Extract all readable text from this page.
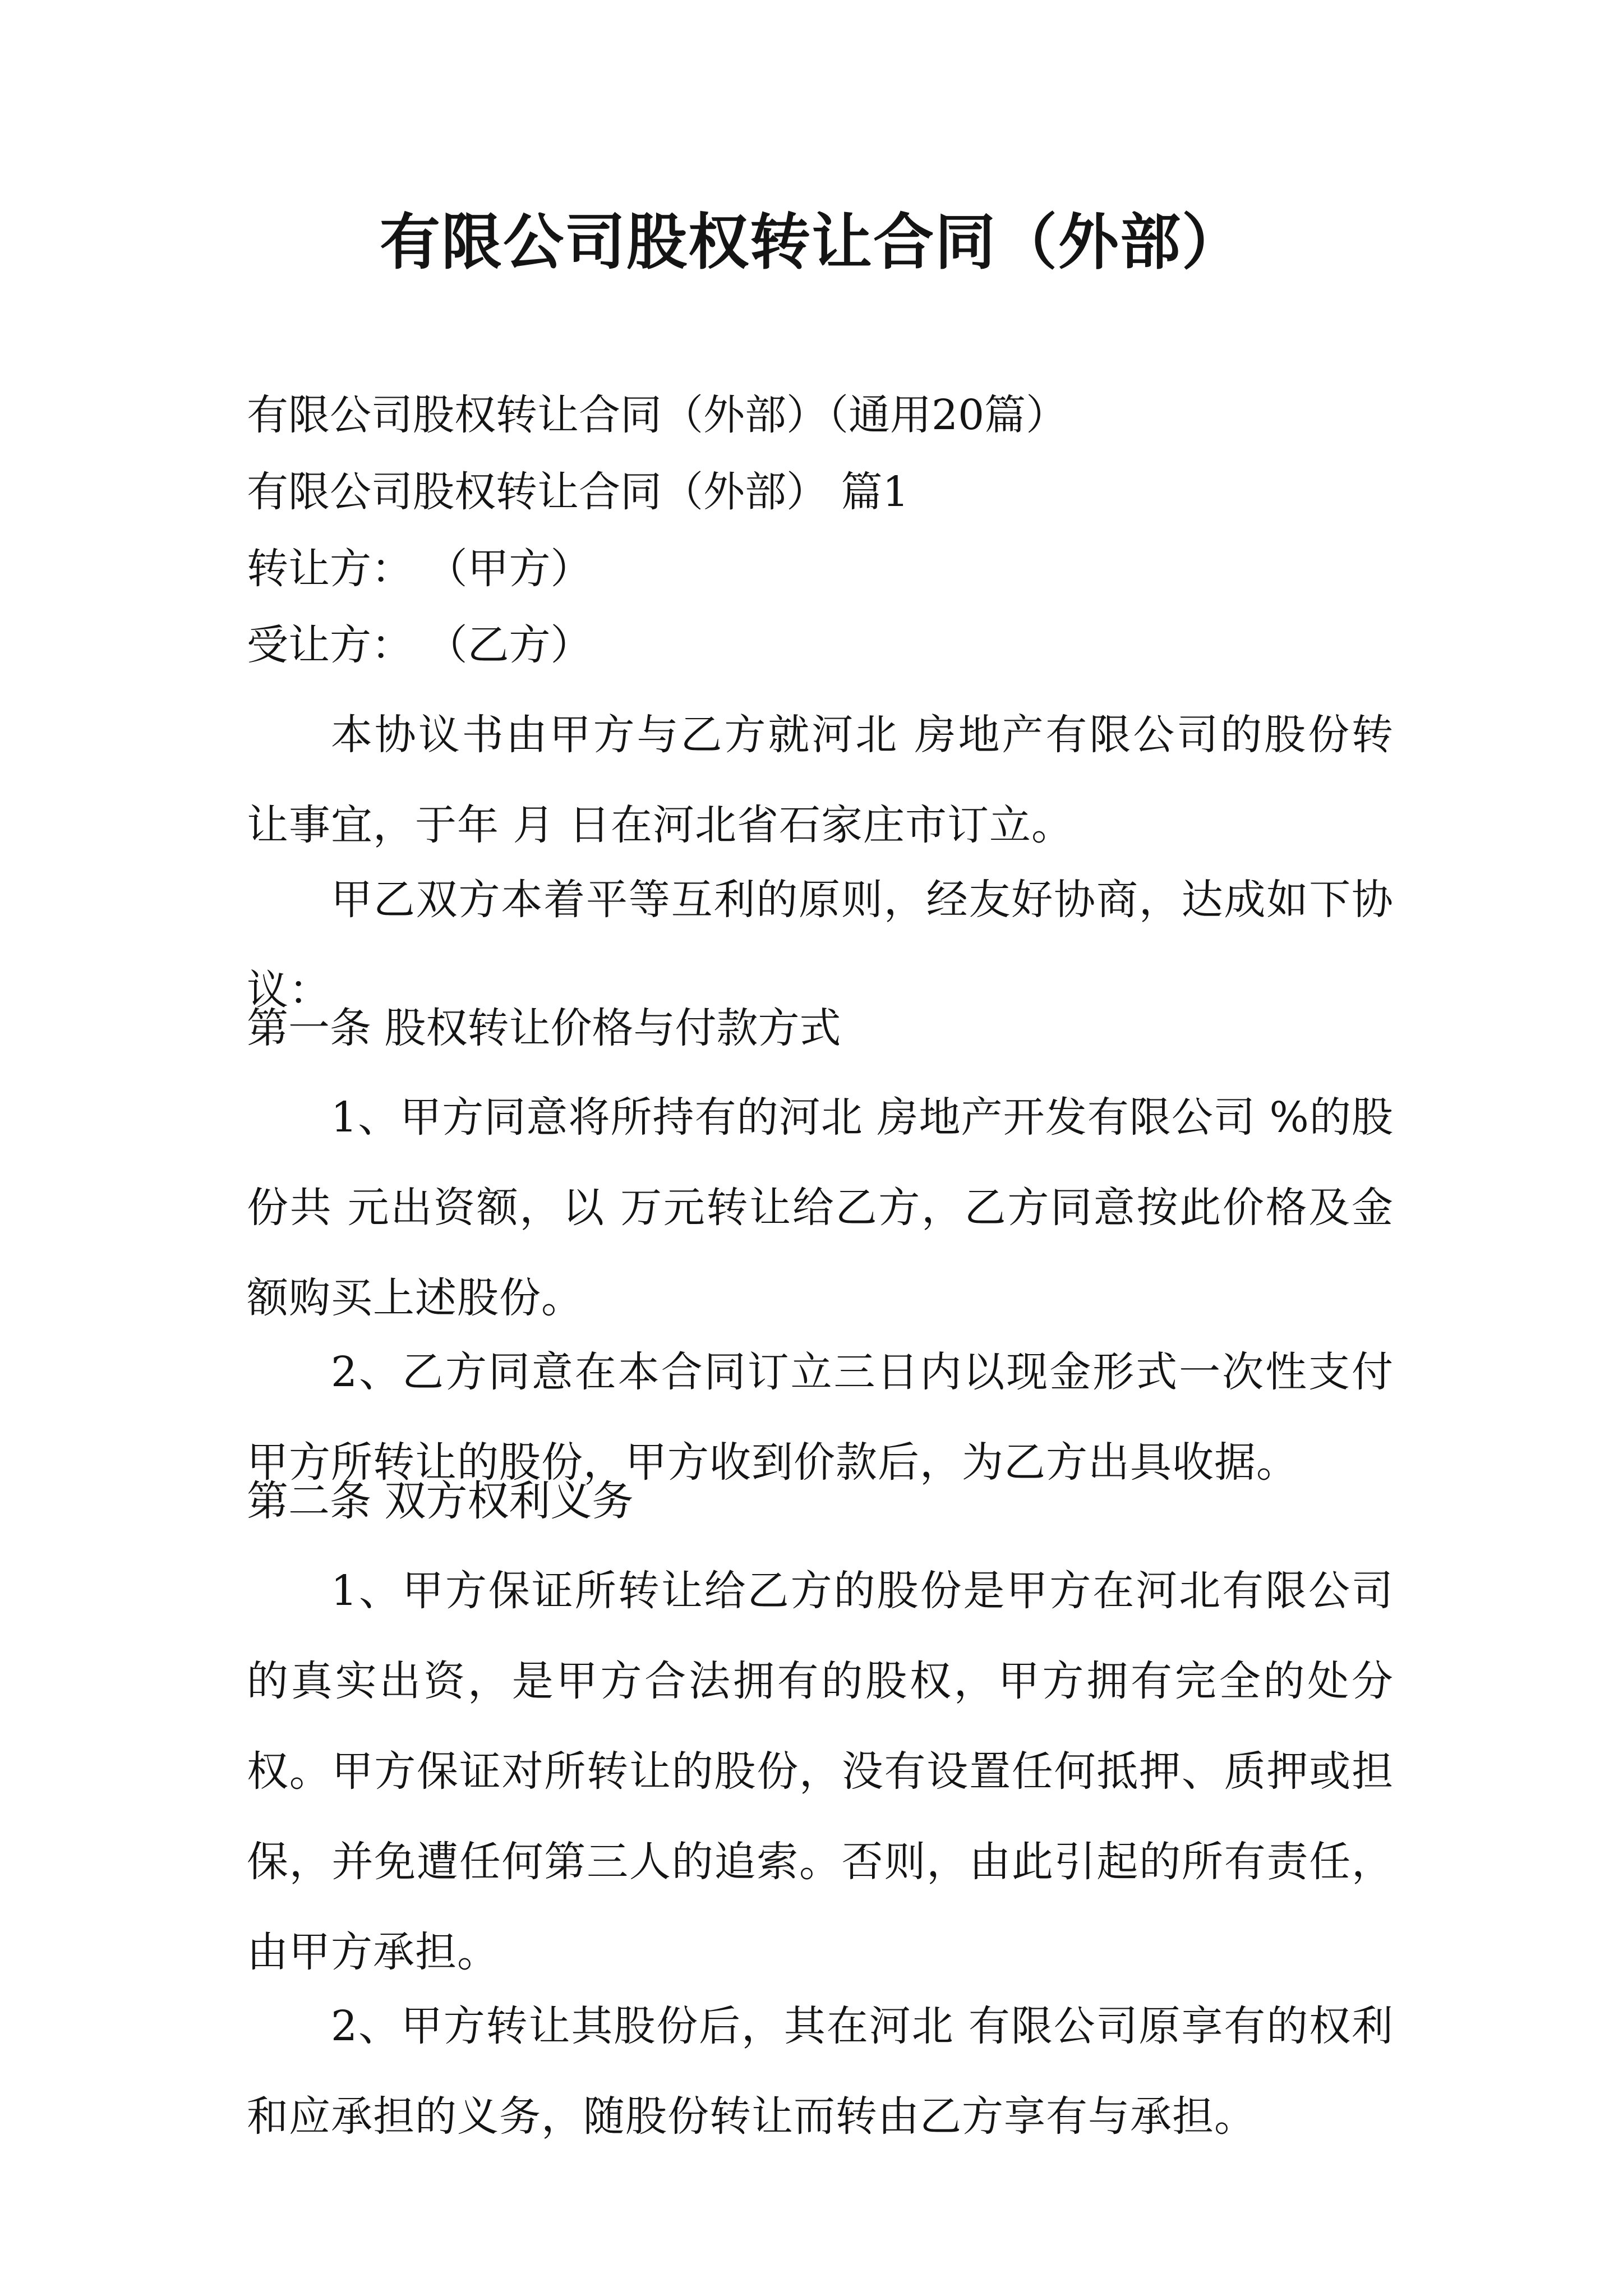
有限公司股权转让合同（外部）
有限公司股权转让合同（外部）（通用20篇）
有限公司股权转让合同（外部） 篇1
转让方： （甲方）
受让方： （乙方）
本协议书由甲方与乙方就河北 房地产有限公司的股份转让事宜，于年 月 日在河北省石家庄市订立。
甲乙双方本着平等互利的原则，经友好协商，达成如下协议：
第一条 股权转让价格与付款方式
1、甲方同意将所持有的河北 房地产开发有限公司 %的股份共 元出资额，以 万元转让给乙方，乙方同意按此价格及金额购买上述股份。
2、乙方同意在本合同订立三日内以现金形式一次性支付甲方所转让的股份，甲方收到价款后，为乙方出具收据。
第二条 双方权利义务
1、甲方保证所转让给乙方的股份是甲方在河北有限公司的真实出资，是甲方合法拥有的股权，甲方拥有完全的处分权。甲方保证对所转让的股份，没有设置任何抵押、质押或担保，并免遭任何第三人的追索。否则，由此引起的所有责任，由甲方承担。
2、甲方转让其股份后，其在河北 有限公司原享有的权利和应承担的义务，随股份转让而转由乙方享有与承担。
